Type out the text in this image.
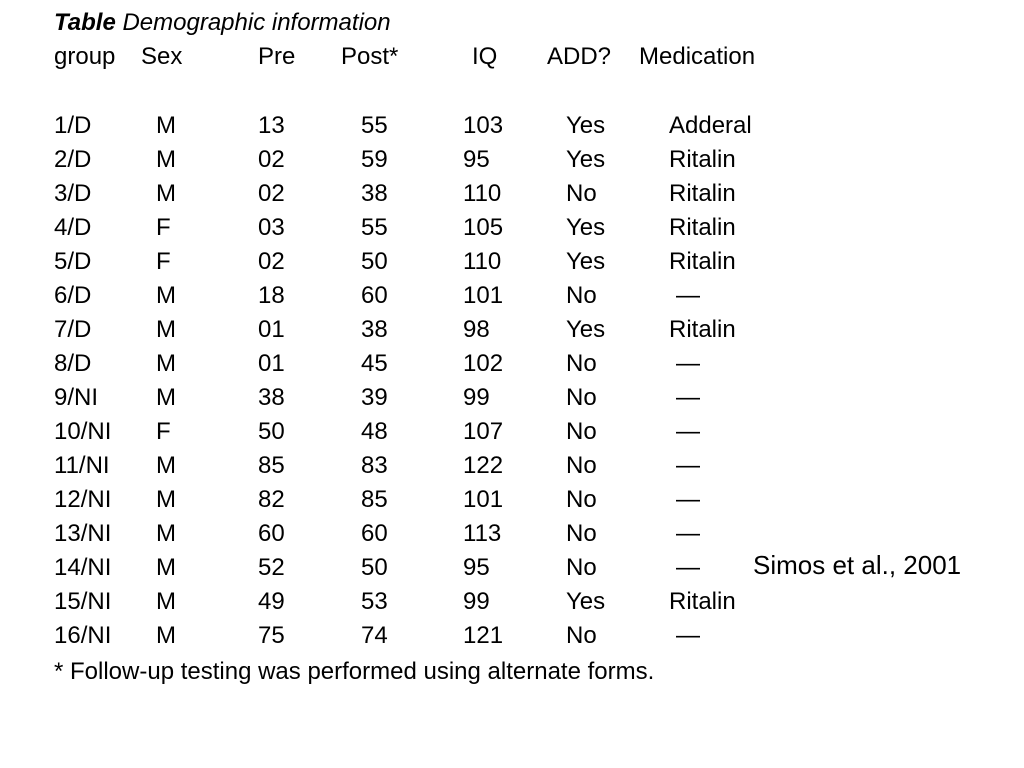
Table Demographic information
group Sex	Pre Post*	IQ ADD? Medication
1/D	M	13	55	103	Yes	Adderal
2/D	M	02	59	95	Yes	Ritalin
3/D	M	02	38	110	No	Ritalin
4/D	F	03	55	105	Yes	Ritalin
5/D	F	02	50	110	Yes	Ritalin
6/D	M	18	60	101	No	—
7/D	M	01	38	98	Yes	Ritalin
8/D	M	01	45	102	No	—
9/NI M	38	39	99	No	—
10/NI F	50	48	107	No	—
11/NI M	85	83	122	No	—
12/NI M	82	85	101	No	—
13/NI M	60	60	113	No	—
14/NI M	52	50	95	No	—
15/NI M	49	53	99	Yes	Ritalin
16/NI M	75	74	121	No	—
* Follow-up testing was performed using alternate forms.
Simos et al., 2001
